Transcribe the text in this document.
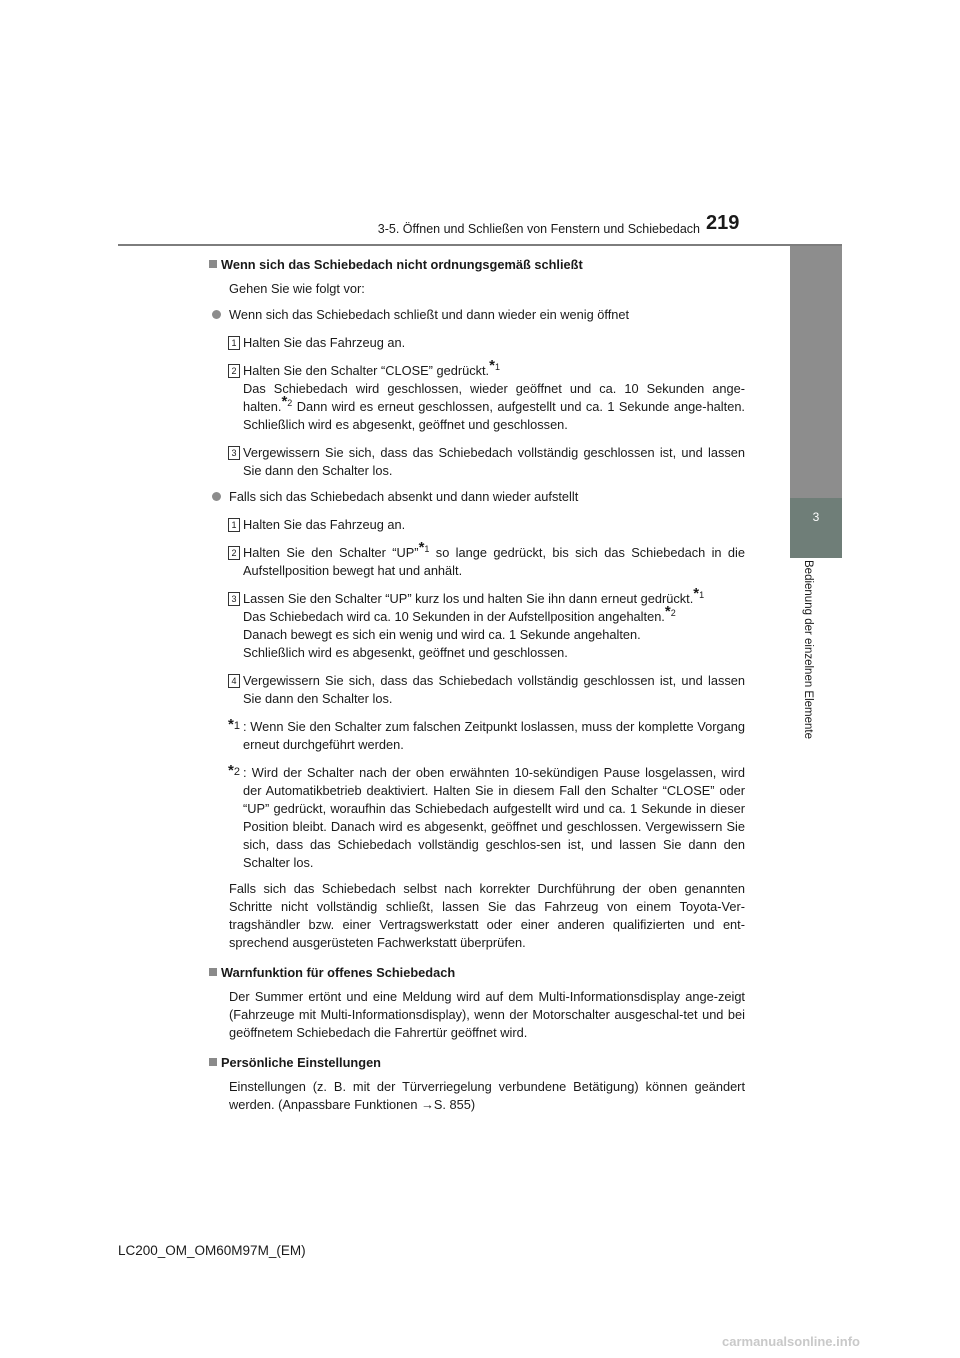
3-5. Öffnen und Schließen von Fenstern und Schiebedach 219
3
Bedienung der einzelnen Elemente
Wenn sich das Schiebedach nicht ordnungsgemäß schließt

Gehen Sie wie folgt vor:

Wenn sich das Schiebedach schließt und dann wieder ein wenig öffnet
1 Halten Sie das Fahrzeug an.
2 Halten Sie den Schalter “CLOSE” gedrückt.$^{*1}$
Das Schiebedach wird geschlossen, wieder geöffnet und ca. 10 Sekunden ange-halten.$^{*2}$ Dann wird es erneut geschlossen, aufgestellt und ca. 1 Sekunde ange-halten. Schließlich wird es abgesenkt, geöffnet und geschlossen.
3 Vergewissern Sie sich, dass das Schiebedach vollständig geschlossen ist, und lassen Sie dann den Schalter los.
Falls sich das Schiebedach absenkt und dann wieder aufstellt
1 Halten Sie das Fahrzeug an.
2 Halten Sie den Schalter “UP”$^{*1}$ so lange gedrückt, bis sich das Schiebedach in die Aufstellposition bewegt hat und anhält.
3 Lassen Sie den Schalter “UP” kurz los und halten Sie ihn dann erneut gedrückt.$^{*1}$
Das Schiebedach wird ca. 10 Sekunden in der Aufstellposition angehalten.$^{*2}$
Danach bewegt es sich ein wenig und wird ca. 1 Sekunde angehalten.
Schließlich wird es abgesenkt, geöffnet und geschlossen.
4 Vergewissern Sie sich, dass das Schiebedach vollständig geschlossen ist, und lassen Sie dann den Schalter los.
*1 : Wenn Sie den Schalter zum falschen Zeitpunkt loslassen, muss der komplette Vorgang erneut durchgeführt werden.
*2 : Wird der Schalter nach der oben erwähnten 10-sekündigen Pause losgelassen, wird der Automatikbetrieb deaktiviert. Halten Sie in diesem Fall den Schalter “CLOSE” oder “UP” gedrückt, woraufhin das Schiebedach aufgestellt wird und ca. 1 Sekunde in dieser Position bleibt. Danach wird es abgesenkt, geöffnet und geschlossen. Vergewissern Sie sich, dass das Schiebedach vollständig geschlos-sen ist, und lassen Sie dann den Schalter los.

Falls sich das Schiebedach selbst nach korrekter Durchführung der oben genannten Schritte nicht vollständig schließt, lassen Sie das Fahrzeug von einem Toyota-Ver-tragshändler bzw. einer Vertragswerkstatt oder einer anderen qualifizierten und ent-sprechend ausgerüsteten Fachwerkstatt überprüfen.

Warnfunktion für offenes Schiebedach

Der Summer ertönt und eine Meldung wird auf dem Multi-Informationsdisplay ange-zeigt (Fahrzeuge mit Multi-Informationsdisplay), wenn der Motorschalter ausgeschal-tet und bei geöffnetem Schiebedach die Fahrertür geöffnet wird.

Persönliche Einstellungen

Einstellungen (z. B. mit der Türverriegelung verbundene Betätigung) können geändert werden. (Anpassbare Funktionen →S. 855)

LC200_OM_OM60M97M_(EM)
carmanualsonline.info
